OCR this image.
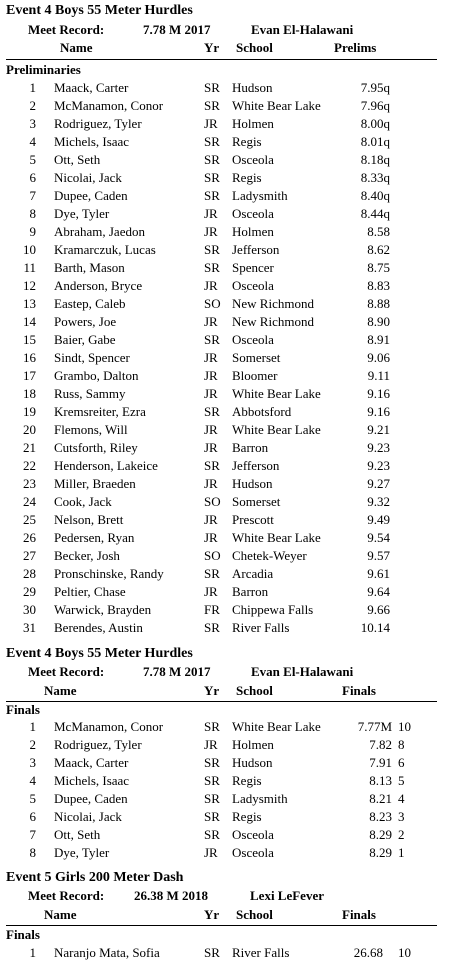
Event 4 Boys 55 Meter Hurdles
Meet Record:	7.78 M 2017	Evan El-Halawani
Name	Yr School	Prelims
Preliminaries
1 Maack, Carter	SR Hudson	7.95q
2 McManamon, Conor	SR White Bear Lake	7.96q
3 Rodriguez, Tyler	JR Holmen	8.00q
4 Michels, Isaac	SR Regis	8.01q
5 Ott, Seth	SR Osceola	8.18q
6 Nicolai, Jack	SR Regis	8.33q
7 Dupee, Caden	SR Ladysmith	8.40q
8 Dye, Tyler	JR Osceola	8.44q
9 Abraham, Jaedon	JR Holmen	8.58
10 Kramarczuk, Lucas	SR Jefferson	8.62
11 Barth, Mason	SR Spencer	8.75
12 Anderson, Bryce	JR Osceola	8.83
13 Eastep, Caleb	SO New Richmond	8.88
14 Powers, Joe	JR New Richmond	8.90
15 Baier, Gabe	SR Osceola	8.91
16 Sindt, Spencer	JR Somerset	9.06
17 Grambo, Dalton	JR Bloomer	9.11
18 Russ, Sammy	JR White Bear Lake	9.16
19 Kremsreiter, Ezra	SR Abbotsford	9.16
20 Flemons, Will	JR White Bear Lake	9.21
21 Cutsforth, Riley	JR Barron	9.23
22 Henderson, Lakeice	SR Jefferson	9.23
23 Miller, Braeden	JR Hudson	9.27
24 Cook, Jack	SO Somerset	9.32
25 Nelson, Brett	JR Prescott	9.49
26 Pedersen, Ryan	JR White Bear Lake	9.54
27 Becker, Josh	SO Chetek-Weyer	9.57
28 Pronschinske, Randy	SR Arcadia	9.61
29 Peltier, Chase	JR Barron	9.64
30 Warwick, Brayden	FR Chippewa Falls	9.66
31 Berendes, Austin	SR River Falls	10.14
Event 4 Boys 55 Meter Hurdles
Meet Record:	7.78 M 2017	Evan El-Halawani
Name	Yr School	Finals
Finals
1 McManamon, Conor	SR White Bear Lake	7.77M 10
2 Rodriguez, Tyler	JR Holmen	7.82 8
3 Maack, Carter	SR Hudson	7.91 6
4 Michels, Isaac	SR Regis	8.13 5
5 Dupee, Caden	SR Ladysmith	8.21 4
6 Nicolai, Jack	SR Regis	8.23 3
7 Ott, Seth	SR Osceola	8.29 2
8 Dye, Tyler	JR Osceola	8.29 1
Event 5 Girls 200 Meter Dash
Meet Record: 26.38 M 2018	Lexi LeFever
Name	Yr School	Finals
Finals
1 Naranjo Mata, Sofia	SR River Falls	26.68 10
